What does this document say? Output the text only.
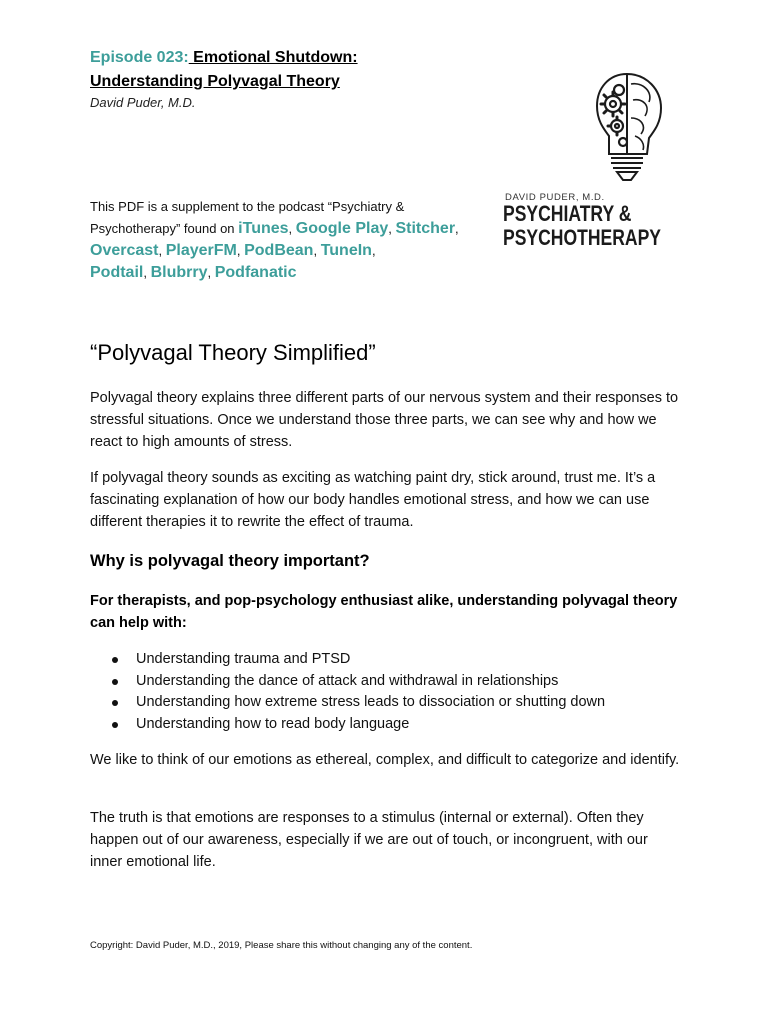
Episode 023: Emotional Shutdown:
Understanding Polyvagal Theory
David Puder, M.D.
DAVID PUDER, M.D.
PSYCHIATRY &
PSYCHOTHERAPY
This PDF is a supplement to the podcast “Psychiatry & Psychotherapy” found on iTunes, Google Play, Stitcher, Overcast, PlayerFM, PodBean, TuneIn,
Podtail, Blubrry, Podfanatic
“Polyvagal Theory Simplified”

Polyvagal theory explains three different parts of our nervous system and their responses to stressful situations. Once we understand those three parts, we can see why and how we react to high amounts of stress.

If polyvagal theory sounds as exciting as watching paint dry, stick around, trust me. It’s a fascinating explanation of how our body handles emotional stress, and how we can use different therapies it to rewrite the effect of trauma.

Why is polyvagal theory important?

For therapists, and pop-psychology enthusiast alike, understanding polyvagal theory can help with:

Understanding trauma and PTSD
Understanding the dance of attack and withdrawal in relationships
Understanding how extreme stress leads to dissociation or shutting down
Understanding how to read body language

We like to think of our emotions as ethereal, complex, and difficult to categorize and identify.

The truth is that emotions are responses to a stimulus (internal or external). Often they happen out of our awareness, especially if we are out of touch, or incongruent, with our inner emotional life.

Copyright: David Puder, M.D., 2019, Please share this without changing any of the content.
